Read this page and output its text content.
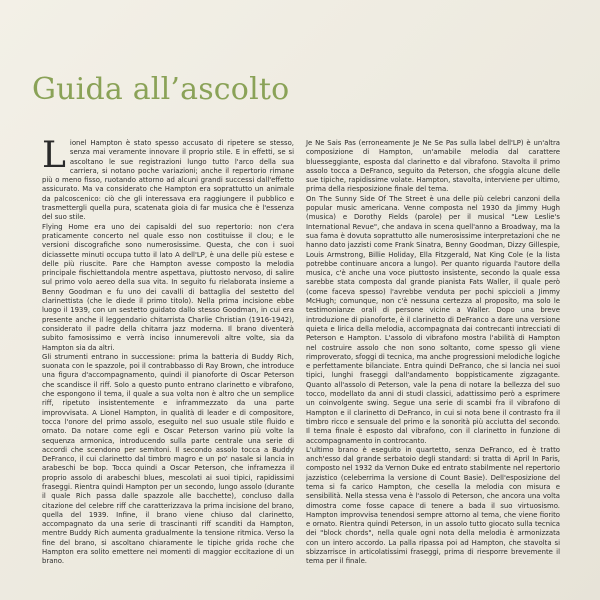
Guida all’ascolto
L ionel Hampton è stato spesso accusato di ripetere se stesso, senza mai veramente innovare il proprio stile. E in effetti, se si ascoltano le sue registrazioni lungo tutto l'arco della sua carriera, si notano poche variazioni; anche il repertorio rimane più o meno fisso, ruotando attorno ad alcuni grandi successi dall'effetto assicurato. Ma va considerato che Hampton era soprattutto un animale da palcoscenico: ciò che gli interessava era raggiungere il pubblico e trasmettergli quella pura, scatenata gioia di far musica che è l'essenza del suo stile.

Flying Home era uno dei capisaldi del suo repertorio: non c'era praticamente concerto nel quale esso non costituisse il clou; e le versioni discografiche sono numerosissime. Questa, che con i suoi diciassette minuti occupa tutto il lato A dell'LP, è una delle più estese e delle più riuscite. Pare che Hampton avesse composto la melodia principale fischiettandola mentre aspettava, piuttosto nervoso, di salire sul primo volo aereo della sua vita. In seguito fu rielaborata insieme a Benny Goodman e fu uno dei cavalli di battaglia del sestetto del clarinettista (che le diede il primo titolo). Nella prima incisione ebbe luogo il 1939, con un sestetto guidato dallo stesso Goodman, in cui era presente anche il leggendario chitarrista Charlie Christian (1916-1942), considerato il padre della chitarra jazz moderna. Il brano diventerà subito famosissimo e verrà inciso innumerevoli altre volte, sia da Hampton sia da altri.

Gli strumenti entrano in successione: prima la batteria di Buddy Rich, suonata con le spazzole, poi il contrabbasso di Ray Brown, che introduce una figura d'accompagnamento, quindi il pianoforte di Oscar Peterson che scandisce il riff. Solo a questo punto entrano clarinetto e vibrafono, che espongono il tema, il quale a sua volta non è altro che un semplice riff, ripetuto insistentemente e inframmezzato da una parte improvvisata. A Lionel Hampton, in qualità di leader e di compositore, tocca l'onore del primo assolo, eseguito nel suo usuale stile fluido e ornato. Da notare come egli e Oscar Peterson varino più volte la sequenza armonica, introducendo sulla parte centrale una serie di accordi che scendono per semitoni. Il secondo assolo tocca a Buddy DeFranco, il cui clarinetto dal timbro magro e un po' nasale si lancia in arabeschi be bop. Tocca quindi a Oscar Peterson, che inframezza il proprio assolo di arabeschi blues, mescolati ai suoi tipici, rapidissimi fraseggi. Rientra quindi Hampton per un secondo, lungo assolo (durante il quale Rich passa dalle spazzole alle bacchette), concluso dalla citazione del celebre riff che caratterizzava la prima incisione del brano, quella del 1939. Infine, il brano viene chiuso dal clarinetto, accompagnato da una serie di trascinanti riff scanditi da Hampton, mentre Buddy Rich aumenta gradualmente la tensione ritmica. Verso la fine del brano, si ascoltano chiaramente le tipiche grida roche che Hampton era solito emettere nei momenti di maggior eccitazione di un brano.

Je Ne Sais Pas (erroneamente Je Ne Se Pas sulla label dell'LP) è un'altra composizione di Hampton, un'amabile melodia dal carattere bluesseggiante, esposta dal clarinetto e dal vibrafono. Stavolta il primo assolo tocca a DeFranco, seguito da Peterson, che sfoggia alcune delle sue tipiche, rapidissime volate. Hampton, stavolta, interviene per ultimo, prima della riesposizione finale del tema.

On The Sunny Side Of The Street è una delle più celebri canzoni della popular music americana. Venne composta nel 1930 da Jimmy Hugh (musica) e Dorothy Fields (parole) per il musical "Lew Leslie's International Revue", che andava in scena quell'anno a Broadway, ma la sua fama è dovuta soprattutto alle numerosissime interpretazioni che ne hanno dato jazzisti come Frank Sinatra, Benny Goodman, Dizzy Gillespie, Louis Armstrong, Billie Holiday, Ella Fitzgerald, Nat King Cole (e la lista potrebbe continuare ancora a lungo). Per quanto riguarda l'autore della musica, c'è anche una voce piuttosto insistente, secondo la quale essa sarebbe stata composta dal grande pianista Fats Waller, il quale però (come faceva spesso) l'avrebbe venduta per pochi spiccioli a Jimmy McHugh; comunque, non c'è nessuna certezza al proposito, ma solo le testimonianze orali di persone vicine a Waller. Dopo una breve introduzione di pianoforte, è il clarinetto di DeFranco a dare una versione quieta e lirica della melodia, accompagnata dai contrecanti intrecciati di Peterson e Hampton. L'assolo di vibrafono mostra l'abilità di Hampton nel costruire assolo che non sono soltanto, come spesso gli viene rimproverato, sfoggi di tecnica, ma anche progressioni melodiche logiche e perfettamente bilanciate. Entra quindi DeFranco, che si lancia nei suoi tipici, lunghi fraseggi dall'andamento boppisticamente zigzagante. Quanto all'assolo di Peterson, vale la pena di notare la bellezza del suo tocco, modellato da anni di studi classici, adattissimo però a esprimere un coinvolgente swing. Segue una serie di scambi fra il vibrafono di Hampton e il clarinetto di DeFranco, in cui si nota bene il contrasto fra il timbro ricco e sensuale del primo e la sonorità più acciutta del secondo. Il tema finale è esposto dal vibrafono, con il clarinetto in funzione di accompagnamento in controcanto.

L'ultimo brano è eseguito in quartetto, senza DeFranco, ed è tratto anch'esso dal grande serbatoio degli standard: si tratta di April In Paris, composto nel 1932 da Vernon Duke ed entrato stabilmente nel repertorio jazzistico (celeberrima la versione di Count Basie). Dell'esposizione del tema si fa carico Hampton, che cesella la melodia con misura e sensibilità. Nella stessa vena è l'assolo di Peterson, che ancora una volta dimostra come fosse capace di tenere a bada il suo virtuosismo. Hampton improvvisa tenendosi sempre attorno al tema, che viene fiorito e ornato. Rientra quindi Peterson, in un assolo tutto giocato sulla tecnica dei "block chords", nella quale ogni nota della melodia è armonizzata con un intero accordo. La palla ripassa poi ad Hampton, che stavolta si sbizzarrisce in articolatissimi fraseggi, prima di riesporre brevemente il tema per il finale.
